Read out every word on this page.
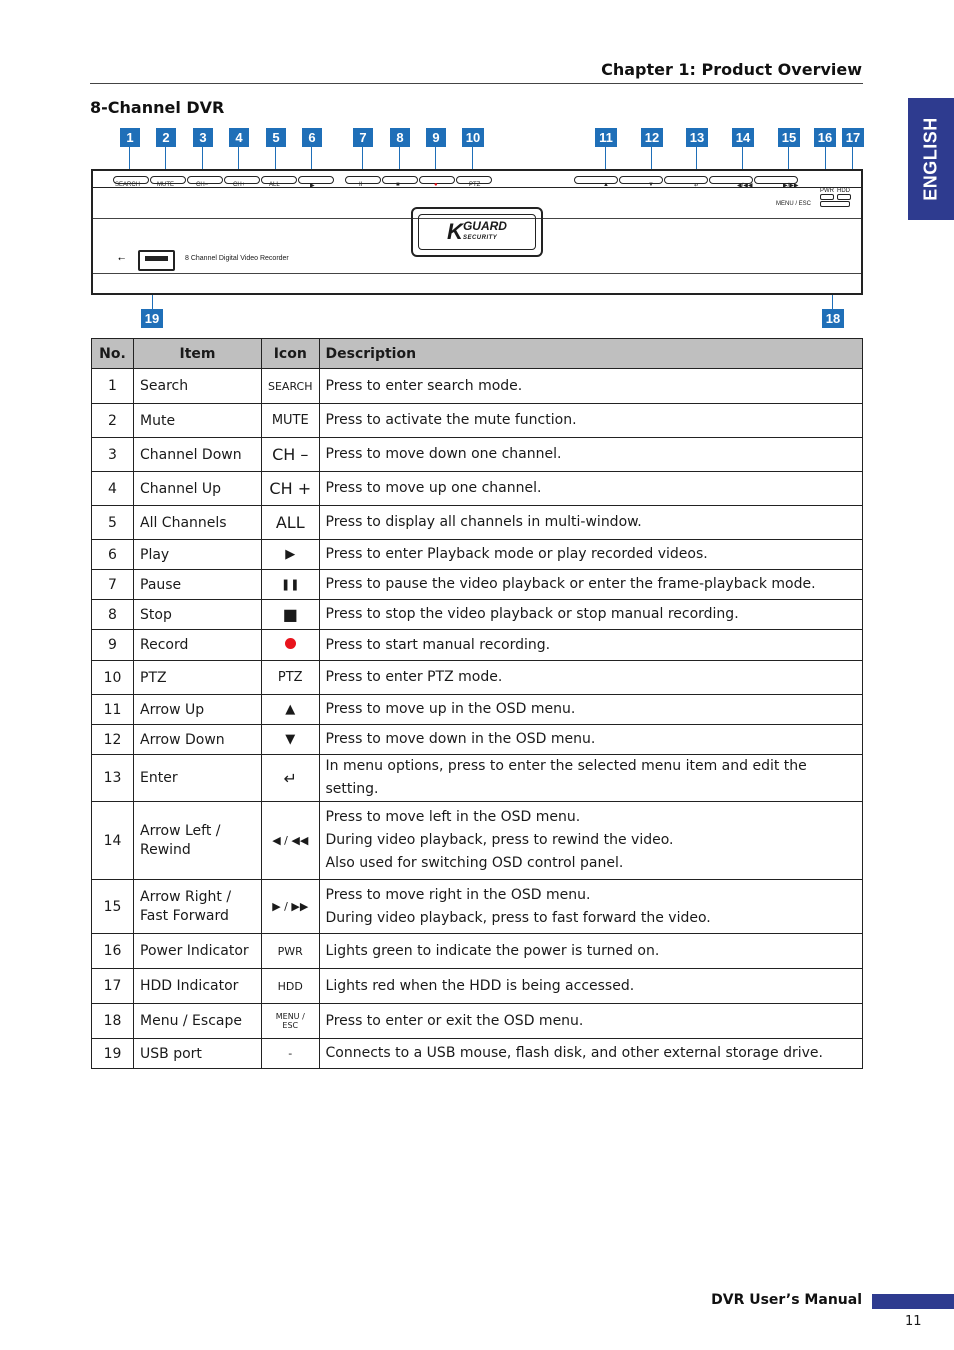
Chapter 1: Product Overview
ENGLISH
8-Channel DVR
1	2	3	4	5	6	7	8	9	10	11	12 13 14 15 16 17
18
19
SEARCH	MUTE	CH−	CH+	ALL	▶	II	■	●	PTZ	▲	▼	↵	◀/◀◀	▶/▶▶
PWR HDD
MENU / ESC
K GUARD
SECURITY
⭠	8 Channel Digital Video Recorder
No.	Item	Icon	Description
1	Search	SEARCH	Press to enter search mode.
2	Mute	MUTE	Press to activate the mute function.
3	Channel Down	CH –	Press to move down one channel.
4	Channel Up	CH +	Press to move up one channel.
5	All Channels	ALL	Press to display all channels in multi-window.
6	Play	▶	Press to enter Playback mode or play recorded videos.
7	Pause	❚❚	Press to pause the video playback or enter the frame-playback mode.
8	Stop	■	Press to stop the video playback or stop manual recording.
9	Record		Press to start manual recording.
10	PTZ	PTZ	Press to enter PTZ mode.
11	Arrow Up	▲	Press to move up in the OSD menu.
12	Arrow Down	▼	Press to move down in the OSD menu.
13	Enter	↵	In menu options, press to enter the selected menu item and edit the setting.
14	Arrow Left / Rewind	◀ / ◀◀	Press to move left in the OSD menu.
During video playback, press to rewind the video.
Also used for switching OSD control panel.

15	Arrow Right / Fast Forward	▶ / ▶▶	Press to move right in the OSD menu.
During video playback, press to fast forward the video.

16	Power Indicator	PWR	Lights green to indicate the power is turned on.
17	HDD Indicator	HDD	Lights red when the HDD is being accessed.
18	Menu / Escape	MENU / ESC	Press to enter or exit the OSD menu.
19	USB port	-	Connects to a USB mouse, flash disk, and other external storage drive.
DVR User’s Manual
11
